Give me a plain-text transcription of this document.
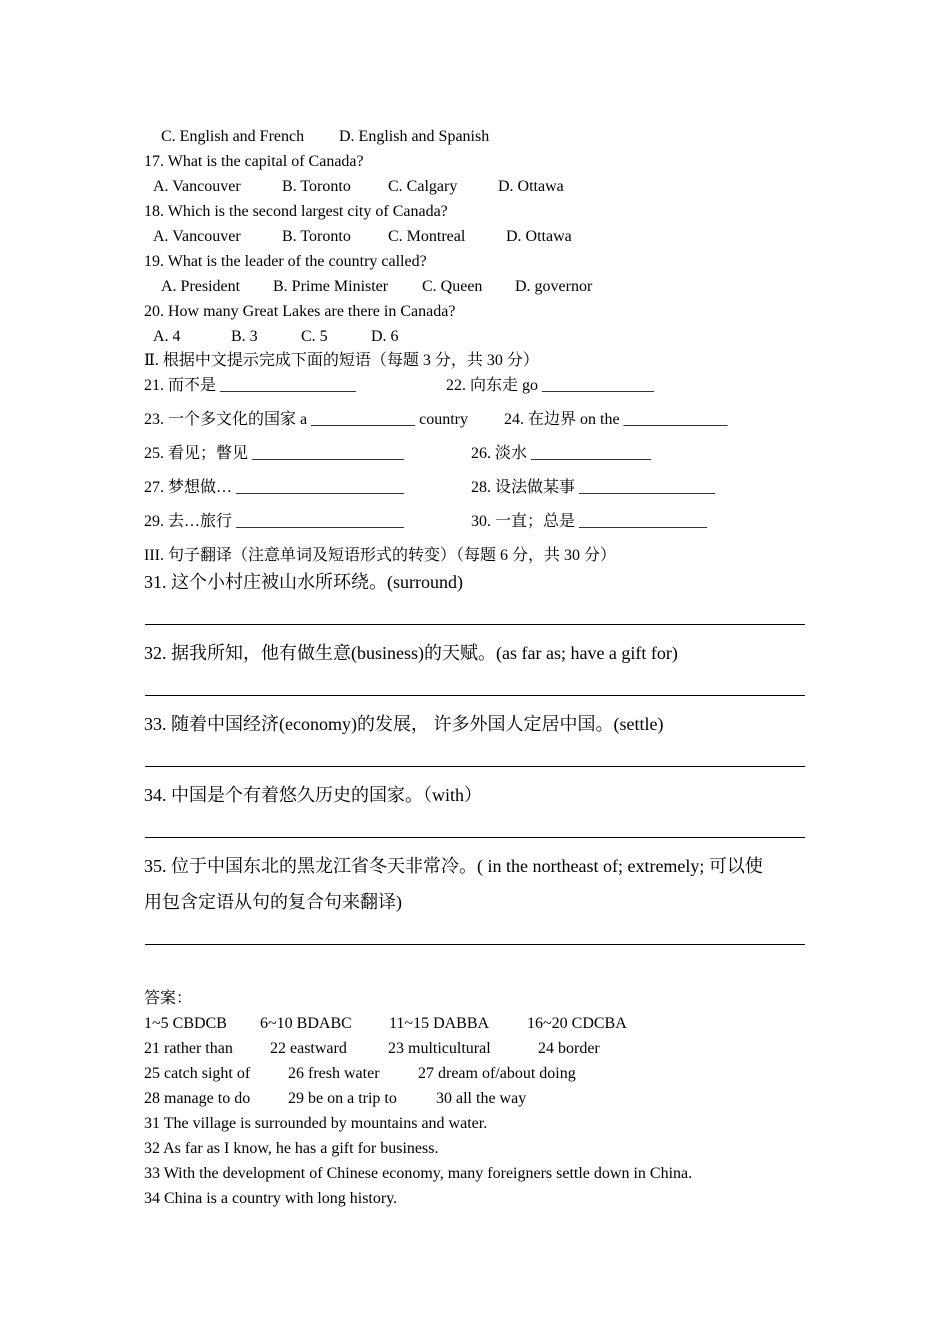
C. English and French D. English and Spanish
17. What is the capital of Canada?
A. Vancouver	B. Toronto C. Calgary	D. Ottawa
18. Which is the second largest city of Canada?
A. Vancouver	B. Toronto C. Montreal	D. Ottawa
19. What is the leader of the country called?
A. President B. Prime Minister C. Queen D. governor
20. How many Great Lakes are there in Canada?
A. 4	B. 3	C. 5	D. 6
Ⅱ. 根据中文提示完成下面的短语（每题 3 分，共 30 分）
21. 而不是 _________________	22. 向东走 go ______________
23. 一个多文化的国家 a _____________ country 24. 在边界 on the _____________
25. 看见；瞥见 ___________________	26. 淡水 _______________
27. 梦想做… _____________________	28. 设法做某事 _________________
29. 去…旅行 _____________________	30. 一直；总是 ________________
III. 句子翻译（注意单词及短语形式的转变）（每题 6 分，共 30 分）
31. 这个小村庄被山水所环绕。(surround)
32. 据我所知，他有做生意(business)的天赋。(as far as; have a gift for)
33. 随着中国经济(economy)的发展， 许多外国人定居中国。(settle)
34. 中国是个有着悠久历史的国家。（with）
35. 位于中国东北的黑龙江省冬天非常冷。( in the northeast of; extremely; 可以使
用包含定语从句的复合句来翻译)
答案：
1~5 CBDCB 6~10 BDABC 11~15 DABBA 16~20 CDCBA
21 rather than 22 eastward	23 multicultural	24 border
25 catch sight of 26 fresh water 27 dream of/about doing
28 manage to do 29 be on a trip to 30 all the way
31 The village is surrounded by mountains and water.
32 As far as I know, he has a gift for business.
33 With the development of Chinese economy, many foreigners settle down in China.
34 China is a country with long history.
